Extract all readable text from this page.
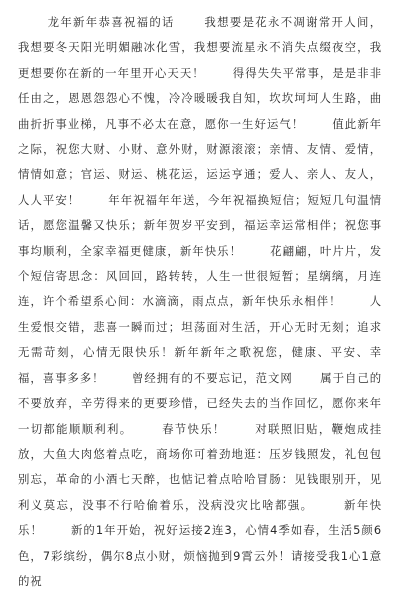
龙年新年恭喜祝福的话      我想要是花永不凋谢常开人间，我想要冬天阳光明媚融冰化雪，我想要流星永不消失点缀夜空，我更想要你在新的一年里开心天天！      得得失失平常事，是是非非任由之，恩恩怨怨心不愧，冷冷暖暖我自知，坎坎坷坷人生路，曲曲折折事业梯，凡事不必太在意，愿你一生好运气！      值此新年之际，祝您大财、小财、意外财，财源滚滚；亲情、友情、爱情，情情如意；官运、财运、桃花运，运运亨通；爱人、亲人、友人，人人平安！      年年祝福年年送，今年祝福换短信；短短几句温情话，愿您温馨又快乐；新年贺岁平安到，福运幸运常相伴；祝您事事均顺利，全家幸福更健康，新年快乐！      花翩翩，叶片片，发个短信寄思念：风回回，路转转，人生一世很短暂；星缡缡，月连连，许个希望系心间：水滴滴，雨点点，新年快乐永相伴！      人生爱恨交错，悲喜一瞬而过；坦荡面对生活，开心无时无刻；追求无需苛刻，心情无限快乐！新年新年之歌祝您，健康、平安、幸福，喜事多多！      曾经拥有的不要忘记，范文网      属于自己的不要放弃，辛劳得来的更要珍惜，已经失去的当作回忆，愿你来年一切都能顺顺利利。      春节快乐！      对联照旧贴，鞭炮成挂放，大鱼大肉悠着点吃，商场你可着劲地逛：压岁钱照发，礼包包别忘，革命的小酒七天醉，也惦记着点哈哈冒肠：见钱眼别开，见利义莫忘，没事不行哈偷着乐，没病没灾比啥都强。      新年快乐！      新的1年开始，祝好运接2连3，心情4季如春，生活5颜6色，7彩缤纷，偶尔8点小财，烦恼抛到9霄云外！请接受我1心1意的祝
